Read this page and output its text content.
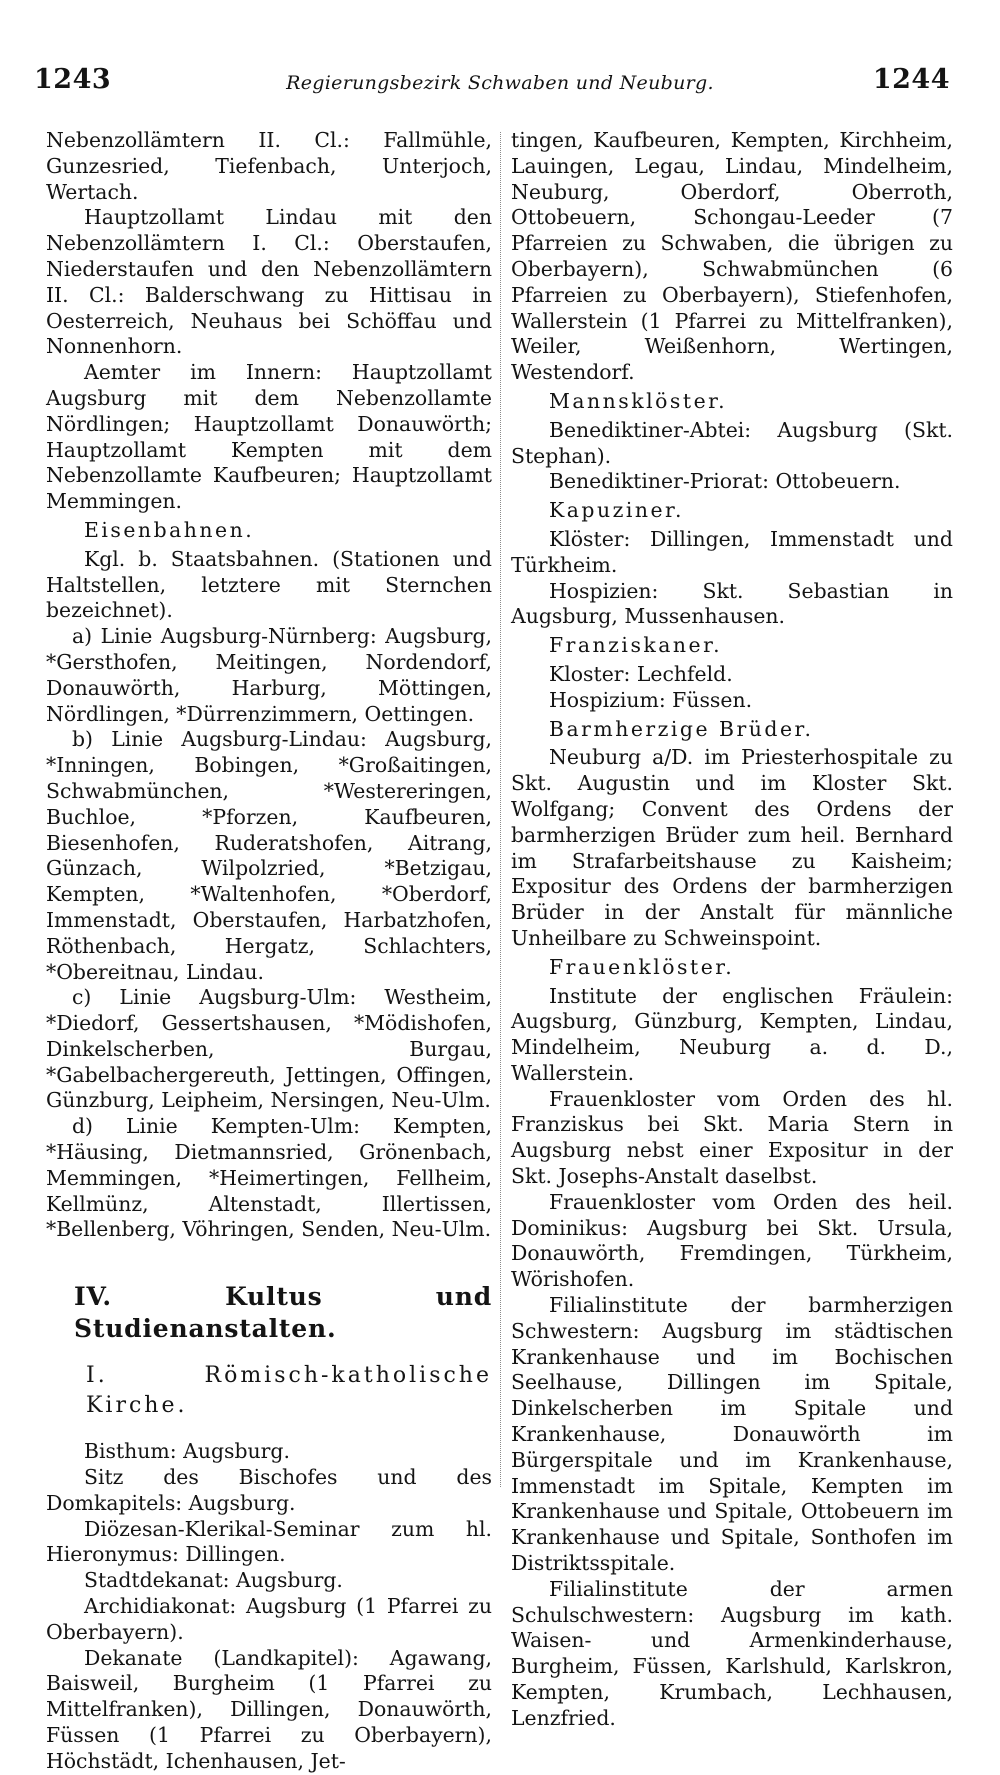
1243	Regierungsbezirk Schwaben und Neuburg.	1244

Nebenzollämtern II. Cl.: Fallmühle, Gunzesried, Tiefenbach, Unterjoch, Wertach.

Hauptzollamt Lindau mit den Nebenzollämtern I. Cl.: Oberstaufen, Niederstaufen und den Nebenzollämtern II. Cl.: Balderschwang zu Hittisau in Oesterreich, Neuhaus bei Schöffau und Nonnenhorn.

Aemter im Innern: Hauptzollamt Augsburg mit dem Nebenzollamte Nördlingen; Hauptzollamt Donauwörth; Hauptzollamt Kempten mit dem Nebenzollamte Kaufbeuren; Hauptzollamt Memmingen.

Eisenbahnen.

Kgl. b. Staatsbahnen. (Stationen und Haltstellen, letztere mit Sternchen bezeichnet).

a) Linie Augsburg-Nürnberg: Augsburg, *Gersthofen, Meitingen, Nordendorf, Donauwörth, Harburg, Möttingen, Nördlingen, *Dürrenzimmern, Oettingen.

b) Linie Augsburg-Lindau: Augsburg, *Inningen, Bobingen, *Großaitingen, Schwabmünchen, *Westereringen, Buchloe, *Pforzen, Kaufbeuren, Biesenhofen, Ruderatshofen, Aitrang, Günzach, Wilpolzried, *Betzigau, Kempten, *Waltenhofen, *Oberdorf, Immenstadt, Oberstaufen, Harbatzhofen, Röthenbach, Hergatz, Schlachters, *Obereitnau, Lindau.

c) Linie Augsburg-Ulm: Westheim, *Diedorf, Gessertshausen, *Mödishofen, Dinkelscherben, Burgau, *Gabelbachergereuth, Jettingen, Offingen, Günzburg, Leipheim, Nersingen, Neu-Ulm.

d) Linie Kempten-Ulm: Kempten, *Häusing, Dietmannsried, Grönenbach, Memmingen, *Heimertingen, Fellheim, Kellmünz, Altenstadt, Illertissen, *Bellenberg, Vöhringen, Senden, Neu-Ulm.

IV. Kultus und Studienanstalten.

I. Römisch-katholische Kirche.

Bisthum: Augsburg.

Sitz des Bischofes und des Domkapitels: Augsburg.

Diözesan-Klerikal-Seminar zum hl. Hieronymus: Dillingen.

Stadtdekanat: Augsburg.

Archidiakonat: Augsburg (1 Pfarrei zu Oberbayern).

Dekanate (Landkapitel): Agawang, Baisweil, Burgheim (1 Pfarrei zu Mittelfranken), Dillingen, Donauwörth, Füssen (1 Pfarrei zu Oberbayern), Höchstädt, Ichenhausen, Jet-

tingen, Kaufbeuren, Kempten, Kirchheim, Lauingen, Legau, Lindau, Mindelheim, Neuburg, Oberdorf, Oberroth, Ottobeuern, Schongau-Leeder (7 Pfarreien zu Schwaben, die übrigen zu Oberbayern), Schwabmünchen (6 Pfarreien zu Oberbayern), Stiefenhofen, Wallerstein (1 Pfarrei zu Mittelfranken), Weiler, Weißenhorn, Wertingen, Westendorf.

Mannsklöster.

Benediktiner-Abtei: Augsburg (Skt. Stephan).

Benediktiner-Priorat: Ottobeuern.

Kapuziner.

Klöster: Dillingen, Immenstadt und Türkheim.

Hospizien: Skt. Sebastian in Augsburg, Mussenhausen.

Franziskaner.

Kloster: Lechfeld.

Hospizium: Füssen.

Barmherzige Brüder.

Neuburg a/D. im Priesterhospitale zu Skt. Augustin und im Kloster Skt. Wolfgang; Convent des Ordens der barmherzigen Brüder zum heil. Bernhard im Strafarbeitshause zu Kaisheim; Expositur des Ordens der barmherzigen Brüder in der Anstalt für männliche Unheilbare zu Schweinspoint.

Frauenklöster.

Institute der englischen Fräulein: Augsburg, Günzburg, Kempten, Lindau, Mindelheim, Neuburg a. d. D., Wallerstein.

Frauenkloster vom Orden des hl. Franziskus bei Skt. Maria Stern in Augsburg nebst einer Expositur in der Skt. Josephs-Anstalt daselbst.

Frauenkloster vom Orden des heil. Dominikus: Augsburg bei Skt. Ursula, Donauwörth, Fremdingen, Türkheim, Wörishofen.

Filialinstitute der barmherzigen Schwestern: Augsburg im städtischen Krankenhause und im Bochischen Seelhause, Dillingen im Spitale, Dinkelscherben im Spitale und Krankenhause, Donauwörth im Bürgerspitale und im Krankenhause, Immenstadt im Spitale, Kempten im Krankenhause und Spitale, Ottobeuern im Krankenhause und Spitale, Sonthofen im Distriktsspitale.

Filialinstitute der armen Schulschwestern: Augsburg im kath. Waisen- und Armenkinderhause, Burgheim, Füssen, Karlshuld, Karlskron, Kempten, Krumbach, Lechhausen, Lenzfried.
